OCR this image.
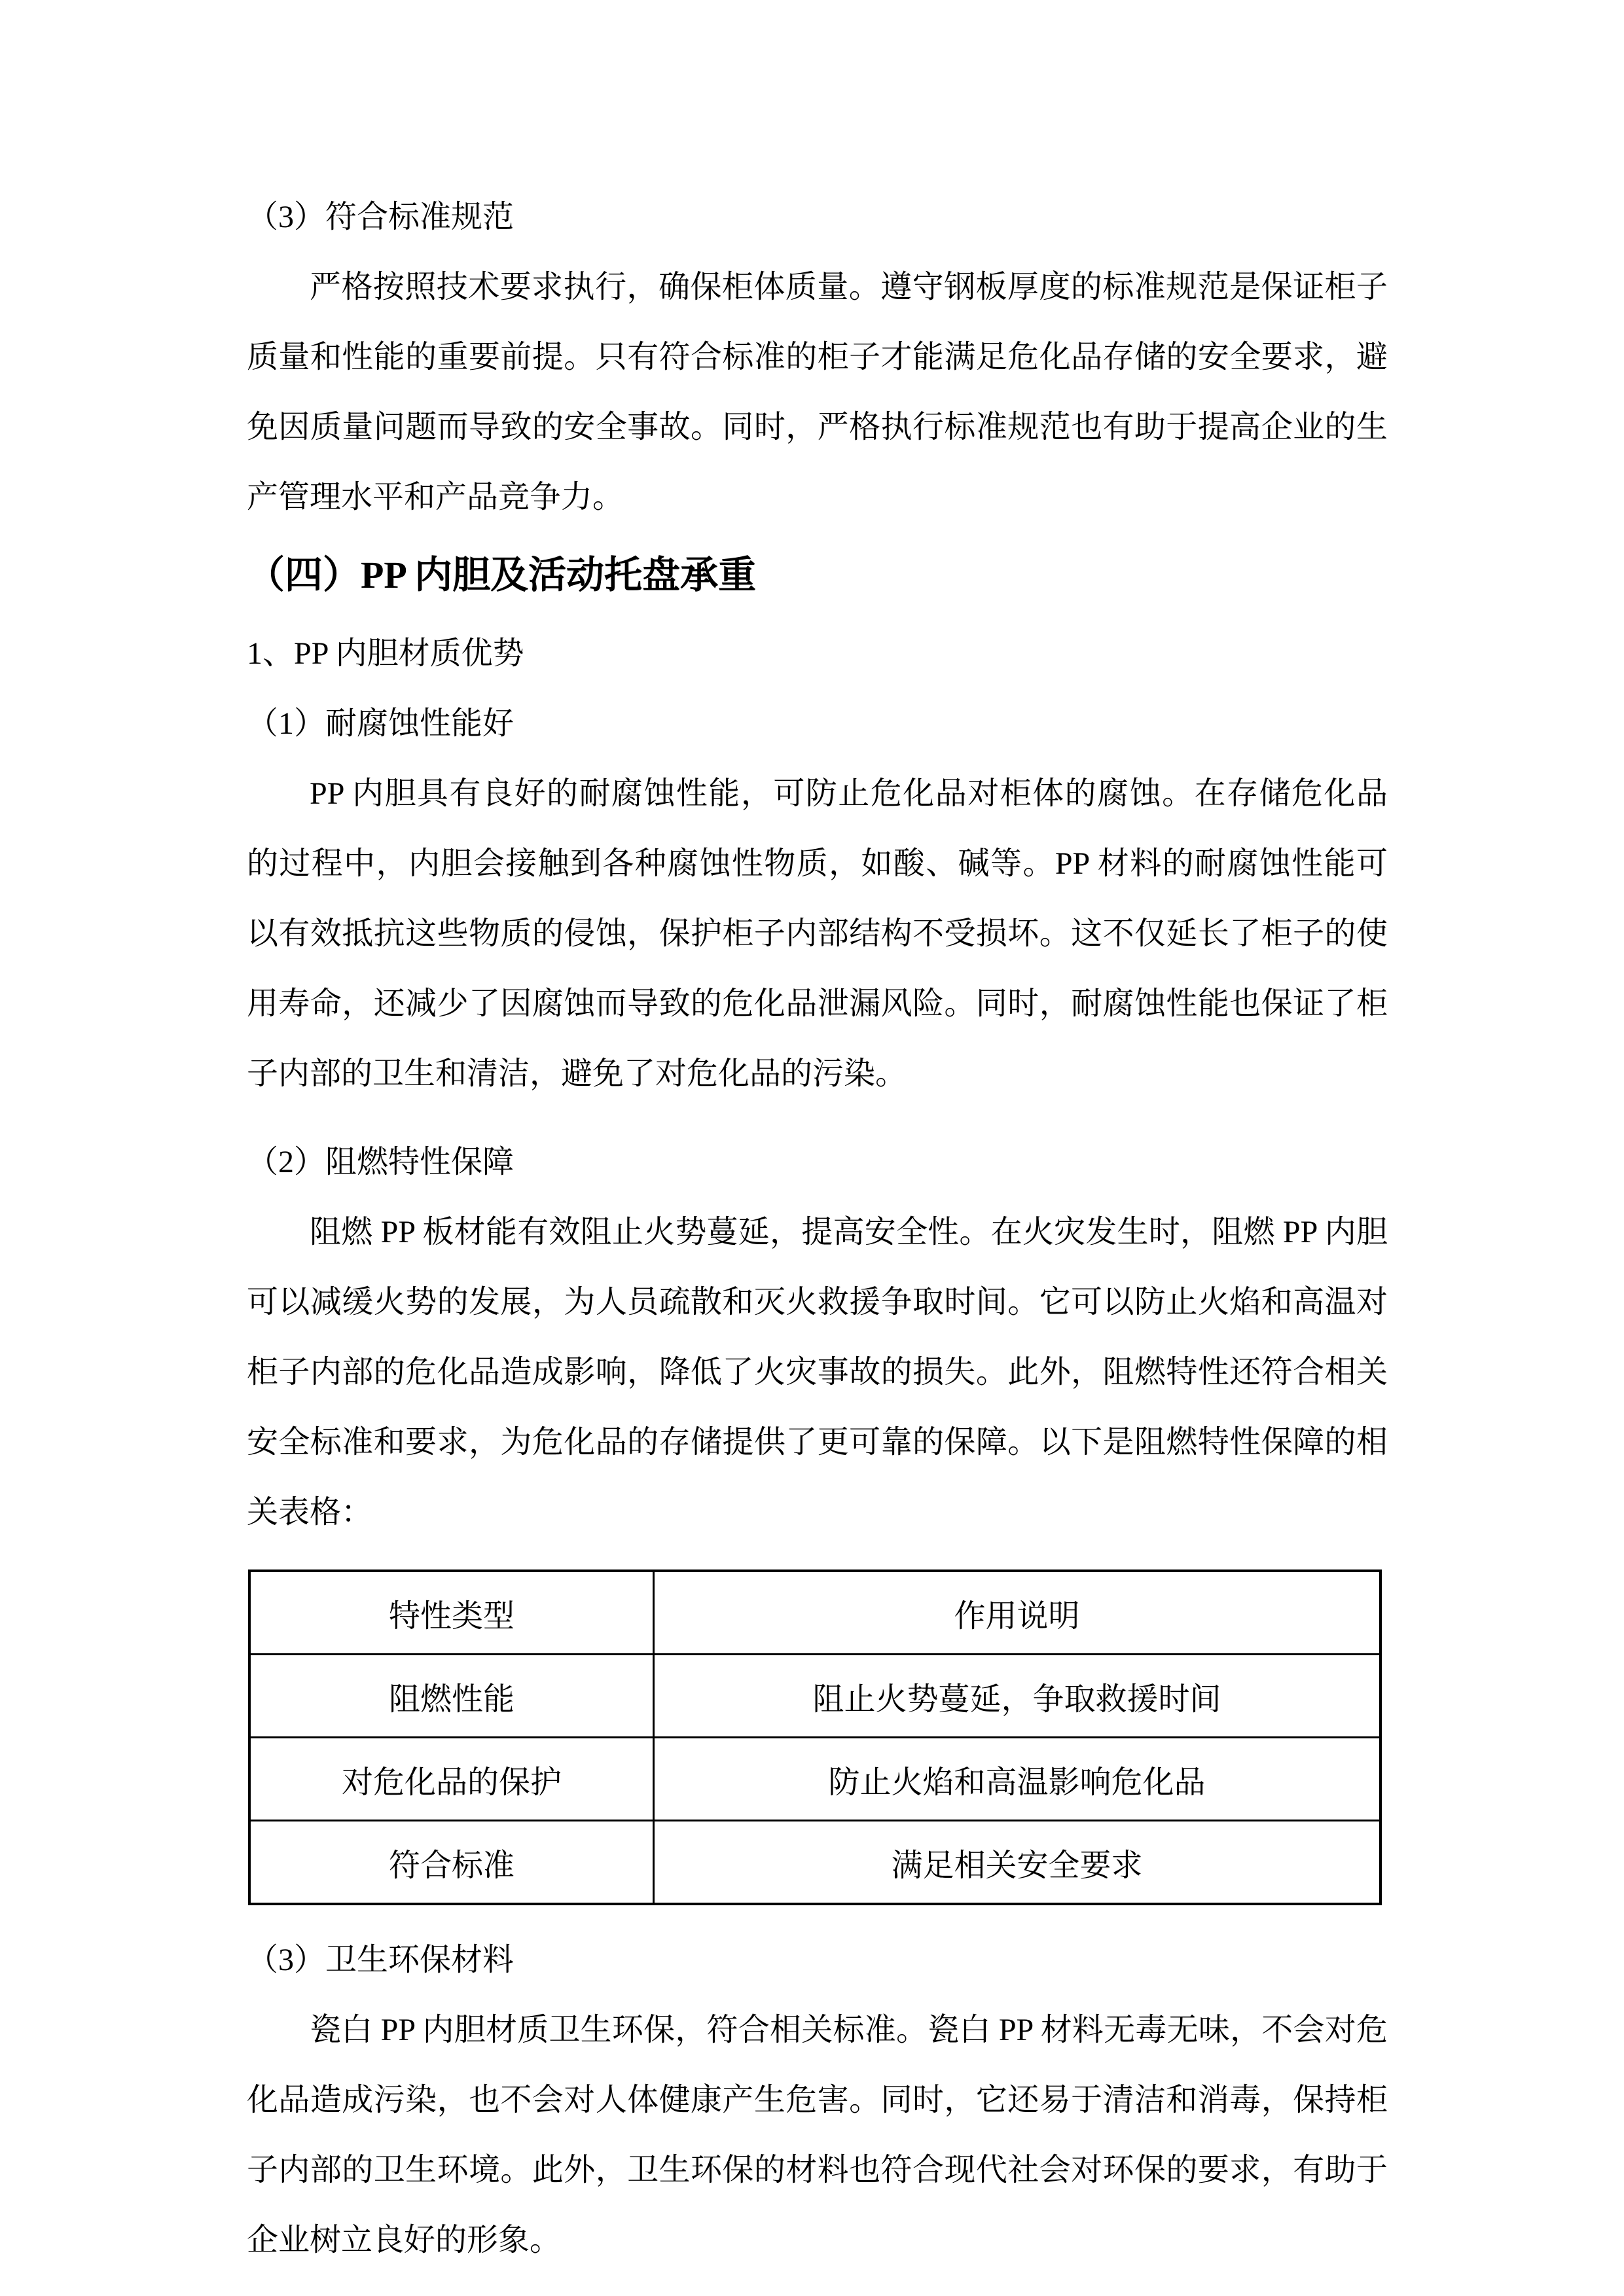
（3）符合标准规范

严格按照技术要求执行，确保柜体质量。遵守钢板厚度的标准规范是保证柜子质量和性能的重要前提。只有符合标准的柜子才能满足危化品存储的安全要求，避免因质量问题而导致的安全事故。同时，严格执行标准规范也有助于提高企业的生产管理水平和产品竞争力。

（四）PP 内胆及活动托盘承重
1、PP 内胆材质优势
（1）耐腐蚀性能好

PP 内胆具有良好的耐腐蚀性能，可防止危化品对柜体的腐蚀。在存储危化品的过程中，内胆会接触到各种腐蚀性物质，如酸、碱等。PP 材料的耐腐蚀性能可以有效抵抗这些物质的侵蚀，保护柜子内部结构不受损坏。这不仅延长了柜子的使用寿命，还减少了因腐蚀而导致的危化品泄漏风险。同时，耐腐蚀性能也保证了柜子内部的卫生和清洁，避免了对危化品的污染。

（2）阻燃特性保障

阻燃 PP 板材能有效阻止火势蔓延，提高安全性。在火灾发生时，阻燃 PP 内胆可以减缓火势的发展，为人员疏散和灭火救援争取时间。它可以防止火焰和高温对柜子内部的危化品造成影响，降低了火灾事故的损失。此外，阻燃特性还符合相关安全标准和要求，为危化品的存储提供了更可靠的保障。以下是阻燃特性保障的相关表格：

特性类型	作用说明
阻燃性能	阻止火势蔓延，争取救援时间
对危化品的保护	防止火焰和高温影响危化品
符合标准	满足相关安全要求
（3）卫生环保材料

瓷白 PP 内胆材质卫生环保，符合相关标准。瓷白 PP 材料无毒无味，不会对危化品造成污染，也不会对人体健康产生危害。同时，它还易于清洁和消毒，保持柜子内部的卫生环境。此外，卫生环保的材料也符合现代社会对环保的要求，有助于企业树立良好的形象。
